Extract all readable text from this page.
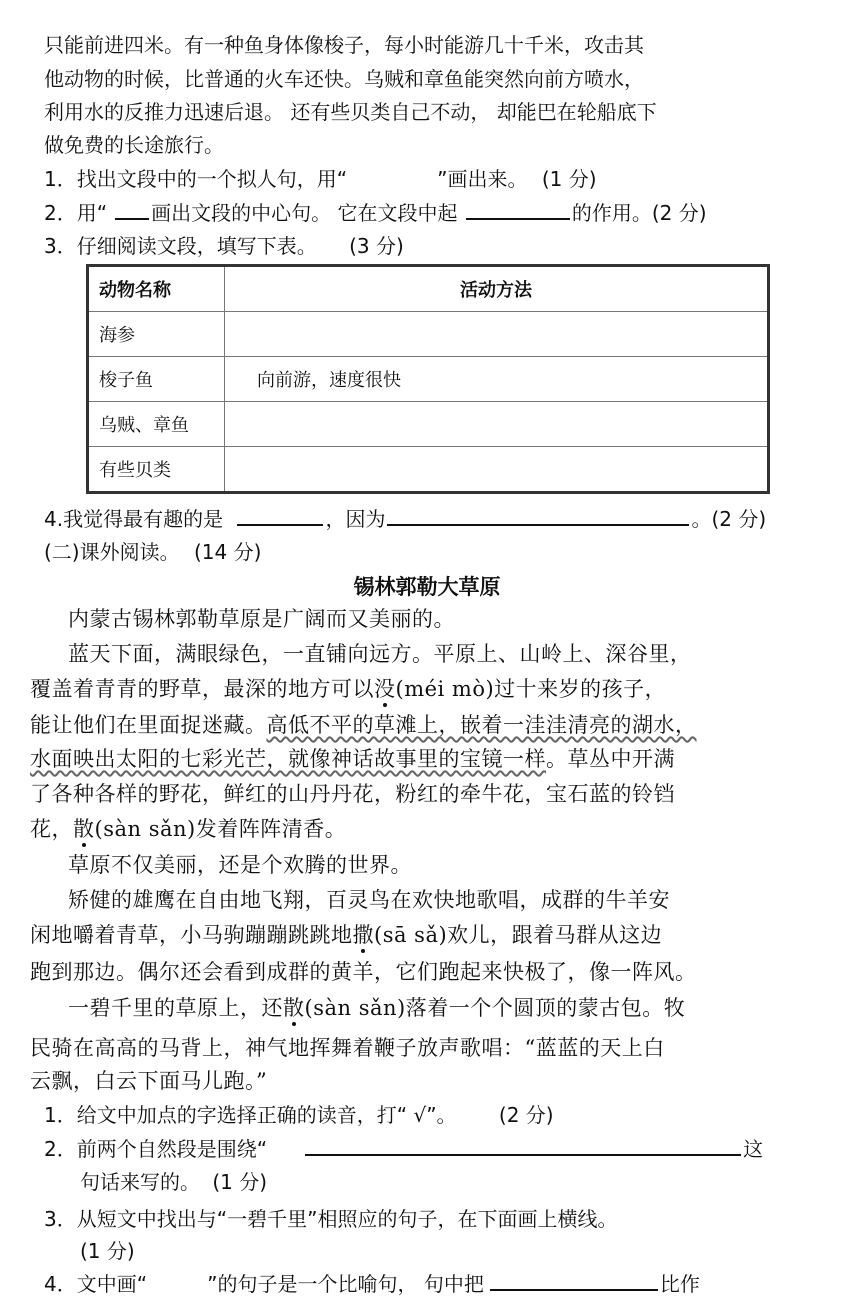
只能前进四米。有一种鱼身体像梭子，每小时能游几十千米，攻击其
他动物的时候，比普通的火车还快。乌贼和章鱼能突然向前方喷水，
利用水的反推力迅速后退。 还有些贝类自己不动， 却能巴在轮船底下
做免费的长途旅行。
1．找出文段中的一个拟人句，用“	”画出来。 (1 分)
2．用“ 画出文段的中心句。 它在文段中起	的作用。(2 分)
3．仔细阅读文段，填写下表。 (3 分)
动物名称	活动方法
海参	
梭子鱼	向前游，速度很快
乌贼、章鱼	
有些贝类	
4.我觉得最有趣的是	，因为	。(2 分)
(二)课外阅读。 (14 分)
锡林郭勒大草原
内蒙古锡林郭勒草原是广阔而又美丽的。
蓝天下面，满眼绿色，一直铺向远方。平原上、山岭上、深谷里，
覆盖着青青的野草，最深的地方可以没(méi mò)过十来岁的孩子，
能让他们在里面捉迷藏。高低不平的草滩上，嵌着一洼洼清亮的湖水，
水面映出太阳的七彩光芒，就像神话故事里的宝镜一样。草丛中开满
了各种各样的野花，鲜红的山丹丹花，粉红的牵牛花，宝石蓝的铃铛
花，散(sàn sǎn)发着阵阵清香。
草原不仅美丽，还是个欢腾的世界。
矫健的雄鹰在自由地飞翔，百灵鸟在欢快地歌唱，成群的牛羊安
闲地嚼着青草，小马驹蹦蹦跳跳地撒(sā sǎ)欢儿，跟着马群从这边
跑到那边。偶尔还会看到成群的黄羊，它们跑起来快极了，像一阵风。
一碧千里的草原上，还散(sàn sǎn)落着一个个圆顶的蒙古包。牧
民骑在高高的马背上，神气地挥舞着鞭子放声歌唱：“蓝蓝的天上白
云飘，白云下面马儿跑。”
1．给文中加点的字选择正确的读音，打“ √”。 (2 分)
2．前两个自然段是围绕“	这
句话来写的。 (1 分)
3．从短文中找出与“一碧千里”相照应的句子，在下面画上横线。
(1 分)
4．文中画“	”的句子是一个比喻句， 句中把	比作
